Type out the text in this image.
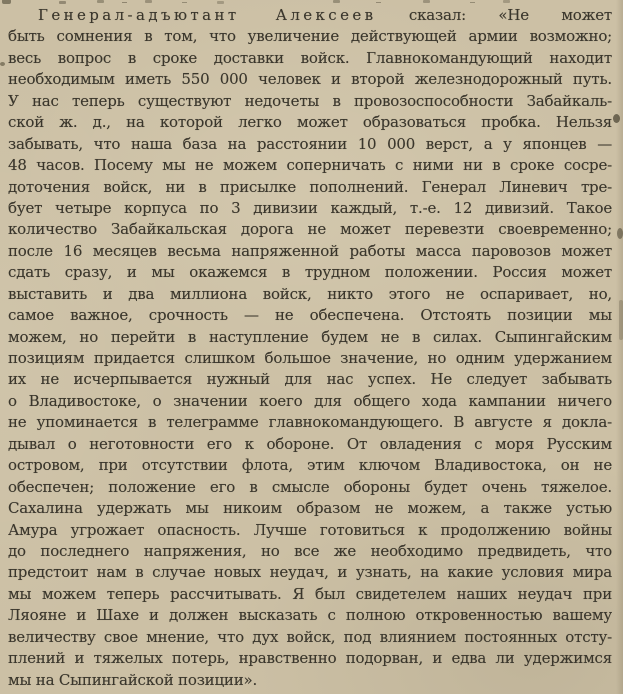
Генерал-адъютант Алексеев сказал: «Не может
быть сомнения в том, что увеличение действующей армии возможно;
весь вопрос в сроке доставки войск. Главнокомандующий находит
необходимым иметь 550 000 человек и второй железнодорожный путь.
У нас теперь существуют недочеты в провозоспособности Забайкаль-
ской ж. д., на которой легко может образоваться пробка. Нельзя
забывать, что наша база на расстоянии 10 000 верст, а у японцев —
48 часов. Посему мы не можем соперничать с ними ни в сроке сосре-
доточения войск, ни в присылке пополнений. Генерал Линевич тре-
бует четыре корпуса по 3 дивизии каждый, т.-е. 12 дивизий. Такое
количество Забайкальская дорога не может перевезти своевременно;
после 16 месяцев весьма напряженной работы масса паровозов может
сдать сразу, и мы окажемся в трудном положении. Россия может
выставить и два миллиона войск, никто этого не оспаривает, но,
самое важное, срочность — не обеспечена. Отстоять позиции мы
можем, но перейти в наступление будем не в силах. Сыпингайским
позициям придается слишком большое значение, но одним удержанием
их не исчерпывается нужный для нас успех. Не следует забывать
о Владивостоке, о значении коего для общего хода кампании ничего
не упоминается в телеграмме главнокомандующего. В августе я докла-
дывал о неготовности его к обороне. От овладения с моря Русским
островом, при отсутствии флота, этим ключом Владивостока, он не
обеспечен; положение его в смысле обороны будет очень тяжелое.
Сахалина удержать мы никоим образом не можем, а также устью
Амура угрожает опасность. Лучше готовиться к продолжению войны
до последнего напряжения, но все же необходимо предвидеть, что
предстоит нам в случае новых неудач, и узнать, на какие условия мира
мы можем теперь рассчитывать. Я был свидетелем наших неудач при
Ляояне и Шахе и должен высказать с полною откровенностью вашему
величеству свое мнение, что дух войск, под влиянием постоянных отсту-
плений и тяжелых потерь, нравственно подорван, и едва ли удержимся
мы на Сыпингайской позиции».
